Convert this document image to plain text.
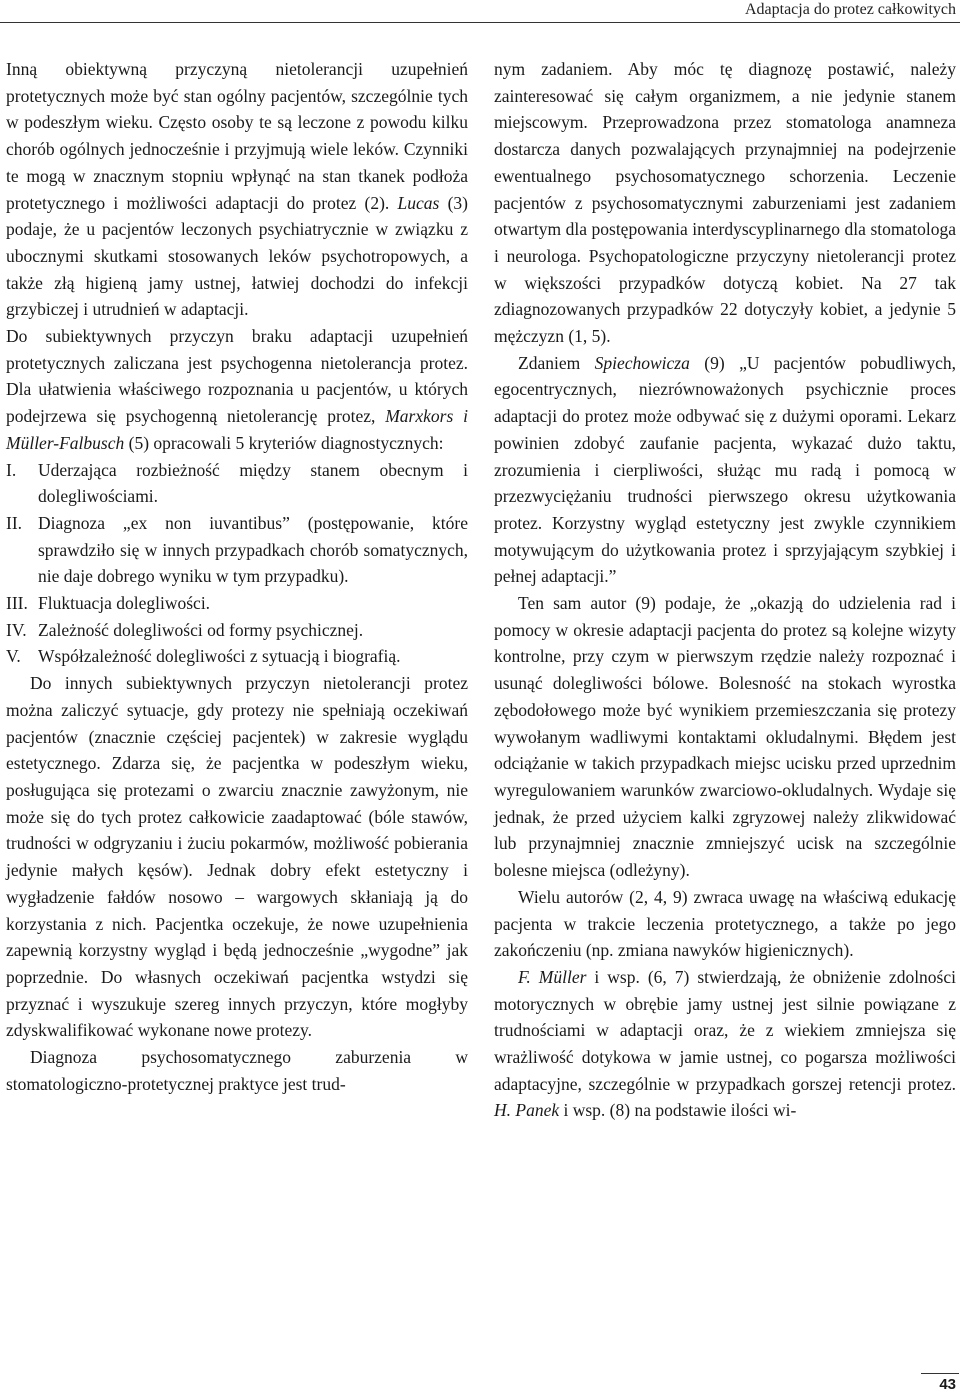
Adaptacja do protez całkowitych

Inną obiektywną przyczyną nietolerancji uzupełnień protetycznych może być stan ogólny pacjentów, szczególnie tych w podeszłym wieku. Często osoby te są leczone z powodu kilku chorób ogólnych jednocześnie i przyjmują wiele leków. Czynniki te mogą w znacznym stopniu wpłynąć na stan tkanek podłoża protetycznego i możliwości adaptacji do protez (2). Lucas (3) podaje, że u pacjentów leczonych psychiatrycznie w związku z ubocznymi skutkami stosowanych leków psychotropowych, a także złą higieną jamy ustnej, łatwiej dochodzi do infekcji grzybiczej i utrudnień w adaptacji.

Do subiektywnych przyczyn braku adaptacji uzupełnień protetycznych zaliczana jest psychogenna nietolerancja protez. Dla ułatwienia właściwego rozpoznania u pacjentów, u których podejrzewa się psychogenną nietolerancję protez, Marxkors i Müller-Falbusch (5) opracowali 5 kryteriów diagnostycznych:

I.	Uderzająca rozbieżność między stanem obecnym i dolegliwościami.
II. Diagnoza „ex non iuvantibus” (postępowanie, które sprawdziło się w innych przypadkach chorób somatycznych, nie daje dobrego wyniku w tym przypadku).
III. Fluktuacja dolegliwości.
IV. Zależność dolegliwości od formy psychicznej.
V. Współzależność dolegliwości z sytuacją i biografią.

Do innych subiektywnych przyczyn nietolerancji protez można zaliczyć sytuacje, gdy protezy nie spełniają oczekiwań pacjentów (znacznie częściej pacjentek) w zakresie wyglądu estetycznego. Zdarza się, że pacjentka w podeszłym wieku, posługująca się protezami o zwarciu znacznie zawyżonym, nie może się do tych protez całkowicie zaadaptować (bóle stawów, trudności w odgryzaniu i żuciu pokarmów, możliwość pobierania jedynie małych kęsów). Jednak dobry efekt estetyczny i wygładzenie fałdów nosowo – wargowych skłaniają ją do korzystania z nich. Pacjentka oczekuje, że nowe uzupełnienia zapewnią korzystny wygląd i będą jednocześnie „wygodne” jak poprzednie. Do własnych oczekiwań pacjentka wstydzi się przyznać i wyszukuje szereg innych przyczyn, które mogłyby zdyskwalifikować wykonane nowe protezy.

Diagnoza psychosomatycznego zaburzenia w stomatologiczno-protetycznej praktyce jest trud-

nym zadaniem. Aby móc tę diagnozę postawić, należy zainteresować się całym organizmem, a nie jedynie stanem miejscowym. Przeprowadzona przez stomatologa anamneza dostarcza danych pozwalających przynajmniej na podejrzenie ewentualnego psychosomatycznego schorzenia. Leczenie pacjentów z psychosomatycznymi zaburzeniami jest zadaniem otwartym dla postępowania interdyscyplinarnego dla stomatologa i neurologa. Psychopatologiczne przyczyny nietolerancji protez w większości przypadków dotyczą kobiet. Na 27 tak zdiagnozowanych przypadków 22 dotyczyły kobiet, a jedynie 5 mężczyzn (1, 5).

Zdaniem Spiechowicza (9) „U pacjentów pobudliwych, egocentrycznych, niezrównoważonych psychicznie proces adaptacji do protez może odbywać się z dużymi oporami. Lekarz powinien zdobyć zaufanie pacjenta, wykazać dużo taktu, zrozumienia i cierpliwości, służąc mu radą i pomocą w przezwyciężaniu trudności pierwszego okresu użytkowania protez. Korzystny wygląd estetyczny jest zwykle czynnikiem motywującym do użytkowania protez i sprzyjającym szybkiej i pełnej adaptacji.”

Ten sam autor (9) podaje, że „okazją do udzielenia rad i pomocy w okresie adaptacji pacjenta do protez są kolejne wizyty kontrolne, przy czym w pierwszym rzędzie należy rozpoznać i usunąć dolegliwości bólowe. Bolesność na stokach wyrostka zębodołowego może być wynikiem przemieszczania się protezy wywołanym wadliwymi kontaktami okludalnymi. Błędem jest odciążanie w takich przypadkach miejsc ucisku przed uprzednim wyregulowaniem warunków zwarciowo-okludalnych. Wydaje się jednak, że przed użyciem kalki zgryzowej należy zlikwidować lub przynajmniej znacznie zmniejszyć ucisk na szczególnie bolesne miejsca (odleżyny).

Wielu autorów (2, 4, 9) zwraca uwagę na właściwą edukację pacjenta w trakcie leczenia protetycznego, a także po jego zakończeniu (np. zmiana nawyków higienicznych).

F. Müller i wsp. (6, 7) stwierdzają, że obniżenie zdolności motorycznych w obrębie jamy ustnej jest silnie powiązane z trudnościami w adaptacji oraz, że z wiekiem zmniejsza się wrażliwość dotykowa w jamie ustnej, co pogarsza możliwości adaptacyjne, szczególnie w przypadkach gorszej retencji protez. H. Panek i wsp. (8) na podstawie ilości wi-

43
